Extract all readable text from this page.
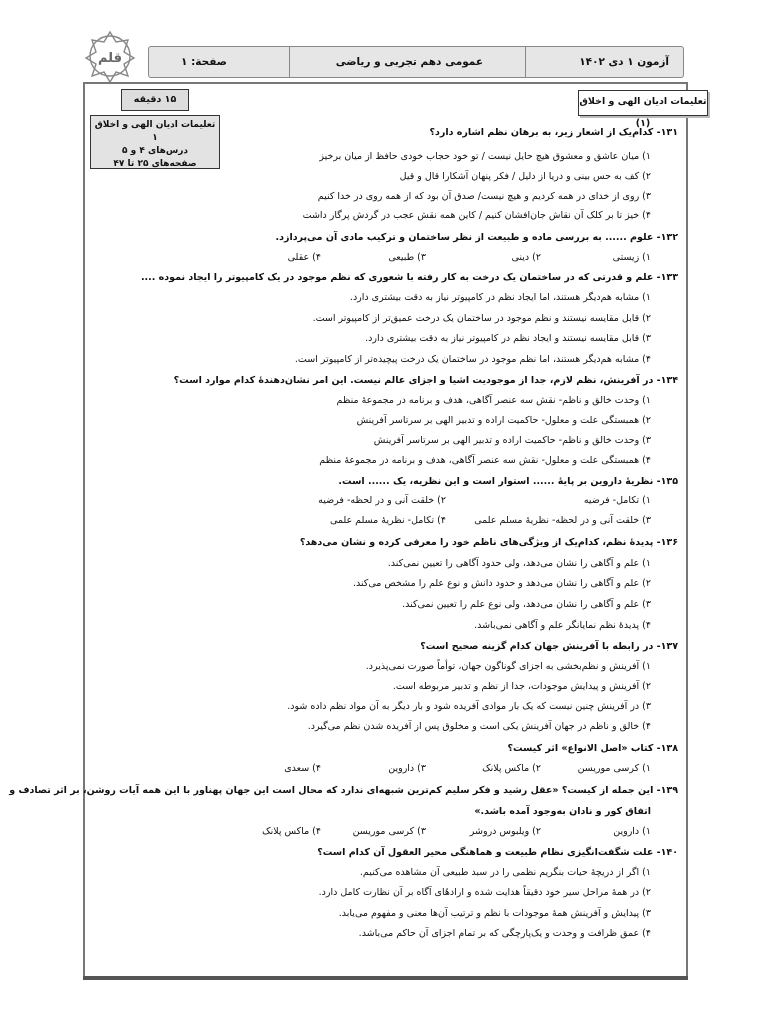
ﻗﻠﻢ	آزمون ۱ دی ۱۴۰۲
عمومی دهم تجربی و ریاضی
صفحة: ۱
تعلیمات ادیان الهی و اخلاق (۱)
۱۵ دقیقه
تعلیمات ادیان الهی و اخلاق ۱
درس‌های ۴ و ۵
صفحه‌های ۲۵ تا ۴۷
۱۳۱- کدام‌یک از اشعار زیر، به برهان نظم اشاره دارد؟
۱) میان عاشق و معشوق هیچ حایل نیست / تو خود حجاب خودی حافظ از میان برخیز
۲) کف به حس بینی و دریا از دلیل / فکر پنهان آشکارا قال و قیل
۳) روی از خدای در همه کردیم و هیچ نیست/ صدق آن بود که از همه روی در خدا کنیم
۴) خیز تا بر کلک آن نقاش جان‌افشان کنیم / کاین همه نقش عجب در گردش پرگار داشت
۱۳۲- علوم ...... به بررسی ماده و طبیعت از نظر ساختمان و ترکیب مادی آن می‌پردازد.
۱) زیستی
۲) دینی
۳) طبیعی
۴) عقلی
۱۳۳- علم و قدرتی که در ساختمان یک درخت به کار رفته با شعوری که نظم موجود در یک کامپیوتر را ایجاد نموده ....
۱) مشابه هم‌دیگر هستند، اما ایجاد نظم در کامپیوتر نیاز به دقت بیشتری دارد.
۲) قابل مقایسه نیستند و نظم موجود در ساختمان یک درخت عمیق‌تر از کامپیوتر است.
۳) قابل مقایسه نیستند و ایجاد نظم در کامپیوتر نیاز به دقت بیشتری دارد.
۴) مشابه هم‌دیگر هستند، اما نظم موجود در ساختمان یک درخت پیچیده‌تر از کامپیوتر است.
۱۳۴- در آفرینش، نظم لازم، جدا از موجودیت اشیا و اجزای عالم نیست. این امر نشان‌دهندهٔ کدام موارد است؟
۱) وحدت خالق و ناظم- نقش سه عنصر آگاهی، هدف و برنامه در مجموعهٔ منظم
۲) همبستگی علت و معلول- حاکمیت اراده و تدبیر الهی بر سرتاسر آفرینش
۳) وحدت خالق و ناظم- حاکمیت اراده و تدبیر الهی بر سرتاسر آفرینش
۴) همبستگی علت و معلول- نقش سه عنصر آگاهی، هدف و برنامه در مجموعهٔ منظم
۱۳۵- نظریهٔ داروین بر پایهٔ ...... استوار است و این نظریه، یک ...... است.
۱) تکامل- فرضیه
۲) خلقت آنی و در لحظه- فرضیه
۳) خلقت آنی و در لحظه- نظریهٔ مسلم علمی
۴) تکامل- نظریهٔ مسلم علمی
۱۳۶- پدیدهٔ نظم، کدام‌یک از ویژگی‌های ناظم خود را معرفی کرده و نشان می‌دهد؟
۱) علم و آگاهی را نشان می‌دهد، ولی حدود آگاهی را تعیین نمی‌کند.
۲) علم و آگاهی را نشان می‌دهد و حدود دانش و نوع علم را مشخص می‌کند.
۳) علم و آگاهی را نشان می‌دهد، ولی نوع علم را تعیین نمی‌کند.
۴) پدیدهٔ نظم نمایانگر علم و آگاهی نمی‌باشد.
۱۳۷- در رابطه با آفرینش جهان کدام گزینه صحیح است؟
۱) آفرینش و نظم‌بخشی به اجزای گوناگون جهان، توأماً صورت نمی‌پذیرد.
۲) آفرینش و پیدایش موجودات، جدا از نظم و تدبیر مربوطه است.
۳) در آفرینش چنین نیست که یک بار موادی آفریده شود و بار دیگر به آن مواد نظم داده شود.
۴) خالق و ناظم در جهان آفرینش یکی است و مخلوق پس از آفریده شدن نظم می‌گیرد.
۱۳۸- کتاب «اصل الانواع» اثر کیست؟
۱) کرسی موریسن
۲) ماکس پلانک
۳) داروین
۴) سعدی
۱۳۹- این جمله از کیست؟ «عقل رشید و فکر سلیم کم‌ترین شبهه‌ای ندارد که محال است این جهان پهناور با این همه آیات روشن، بر اثر تصادف و
اتفاق کور و نادان به‌وجود آمده باشد.»
۱) داروین
۲) ویلبوس دروشر
۳) کرسی موریسن
۴) ماکس پلانک
۱۴۰- علت شگفت‌انگیزی نظام طبیعت و هماهنگی محیر العقول آن کدام است؟
۱) اگر از دریچهٔ حیات بنگریم نظمی را در سبد طبیعی آن مشاهده می‌کنیم.
۲) در همهٔ مراحل سیر خود دقیقاً هدایت شده و ارادهٔای آگاه بر آن نظارت کامل دارد.
۳) پیدایش و آفرینش همهٔ موجودات با نظم و ترتیب آن‌ها معنی و مفهوم می‌یابد.
۴) عمق ظرافت و وحدت و یک‌پارچگی که بر تمام اجزای آن حاکم می‌باشد.
